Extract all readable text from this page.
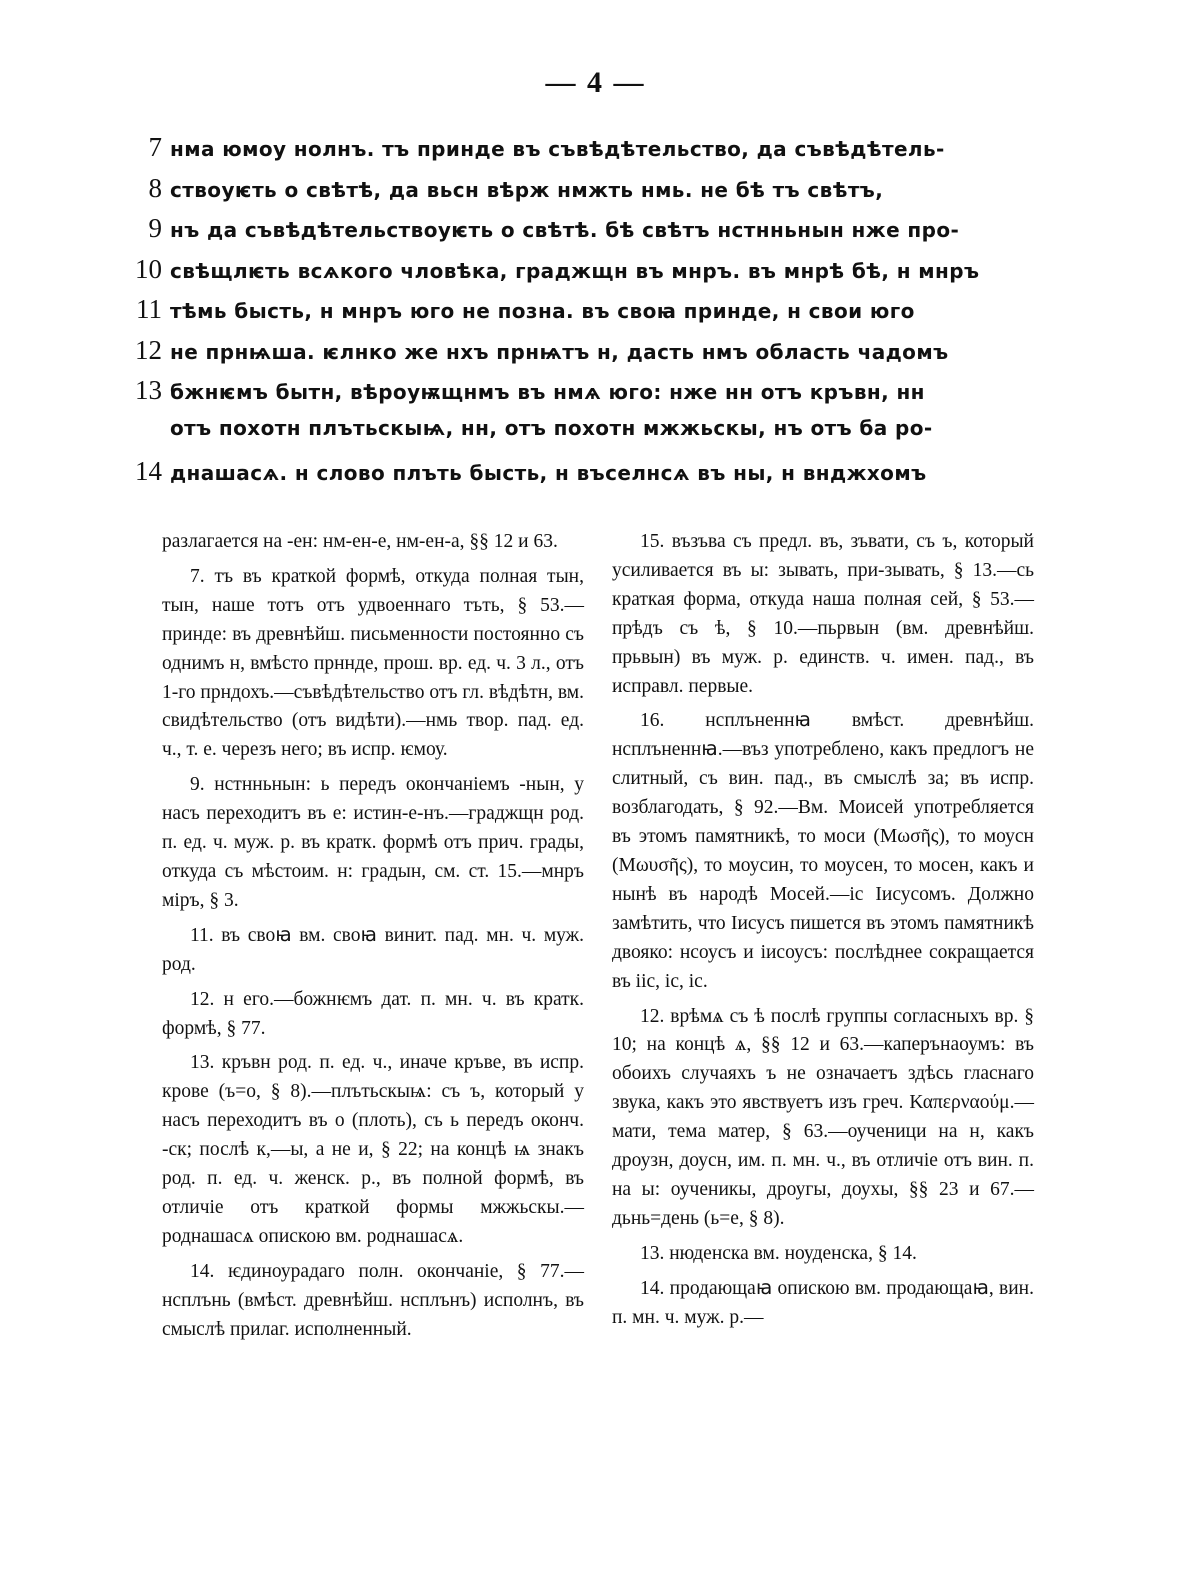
— 4 —
7 нма юмоу нолнъ. тъ принде въ съвѣдѣтельство, да съвѣдѣтель-
8 ствоуѥть о свѣтѣ, да вьсн вѣрж нмжть нмь. не бѣ тъ свѣтъ,
9 нъ да съвѣдѣтельствоуѥть о свѣтѣ. бѣ свѣтъ нстнньнын нже про-
10 свѣщлѥть всѧкого чловѣка, граджщн въ мнръ. въ мнрѣ бѣ, н мнръ
11 тѣмь бысть, н мнръ юго не позна. въ своꙗ принде, н свои юго
12 не прнѩша. ѥлнко же нхъ прнѩтъ н, дасть нмъ область чадомъ
13 бжнѥмъ бытн, вѣроуѭщнмъ въ нмѧ юго: нже нн отъ кръвн, нн
отъ похотн плътьскыѩ, нн, отъ похотн мжжьскы, нъ отъ ба ро-
14 днашасѧ. н слово плъть бысть, н въселнсѧ въ ны, н внджхомъ

разлагается на -ен: нм-ен-е, нм-ен-а, §§ 12 и 63.

7. тъ въ краткой формѣ, откуда полная тын, тын, наше тотъ отъ удвоеннаго тъть, § 53.—принде: въ древнѣйш. письменности постоянно съ однимъ н, вмѣсто прннде, прош. вр. ед. ч. 3 л., отъ 1-го прндохъ.—съвѣдѣтельство отъ гл. вѣдѣтн, вм. свидѣтельство (отъ видѣти).—нмь твор. пад. ед. ч., т. е. черезъ него; въ испр. ѥмоу.

9. нстнньнын: ь передъ окончаніемъ -нын, у насъ переходитъ въ е: истин-е-нъ.—граджщн род. п. ед. ч. муж. р. въ кратк. формѣ отъ прич. грады, откуда съ мѣстоим. н: градын, см. ст. 15.—мнръ міръ, § 3.

11. въ своꙗ вм. своꙗ винит. пад. мн. ч. муж. род.

12. н его.—божнѥмъ дат. п. мн. ч. въ кратк. формѣ, § 77.

13. кръвн род. п. ед. ч., иначе кръве, въ испр. крове (ъ=о, § 8).—плътьскыѩ: съ ъ, который у насъ переходитъ въ о (плоть), съ ь передъ оконч. -ск; послѣ к,—ы, а не и, § 22; на концѣ ѩ знакъ род. п. ед. ч. женск. р., въ полной формѣ, въ отличіе отъ краткой формы мжжьскы.—роднашасѧ опискою вм. роднашасѧ.

14. ѥдиноурадаго полн. окончаніе, § 77.—нсплънь (вмѣст. древнѣйш. нсплънъ) исполнъ, въ смыслѣ прилаг. исполненный.

15. възъва съ предл. въ, зъвати, съ ъ, который усиливается въ ы: зывать, при-зывать, § 13.—сь краткая форма, откуда наша полная сей, § 53.—прѣдъ съ ѣ, § 10.—пьрвын (вм. древнѣйш. прьвын) въ муж. р. единств. ч. имен. пад., въ исправл. первые.

16. нсплъненнꙗ вмѣст. древнѣйш. нсплъненнꙗ.—въз употреблено, какъ предлогъ не слитный, съ вин. пад., въ смыслѣ за; въ испр. возблагодать, § 92.—Вм. Моисей употребляется въ этомъ памятникѣ, то моси (Μωσῆς), то моусн (Μωυσῆς), то моусин, то моусен, то мосен, какъ и нынѣ въ народѣ Мосей.—іс Іисусомъ. Должно замѣтить, что Іисусъ пишется въ этомъ памятникѣ двояко: нсоусъ и іисоусъ: послѣднее сокращается въ ііс, іс, іс.

12. врѣмѧ съ ѣ послѣ группы согласныхъ вр. § 10; на концѣ ѧ, §§ 12 и 63.—каперънаоумъ: въ обоихъ случаяхъ ъ не означаетъ здѣсь гласнаго звука, какъ это явствуетъ изъ греч. Καπερναούμ.—мати, тема матер, § 63.—оученици на н, какъ дроузн, доусн, им. п. мн. ч., въ отличіе отъ вин. п. на ы: оученикы, дроугы, доухы, §§ 23 и 67.—дьнь=день (ь=е, § 8).

13. нюденска вм. ноуденска, § 14.

14. продающаꙗ опискою вм. продающаꙗ, вин. п. мн. ч. муж. р.—
